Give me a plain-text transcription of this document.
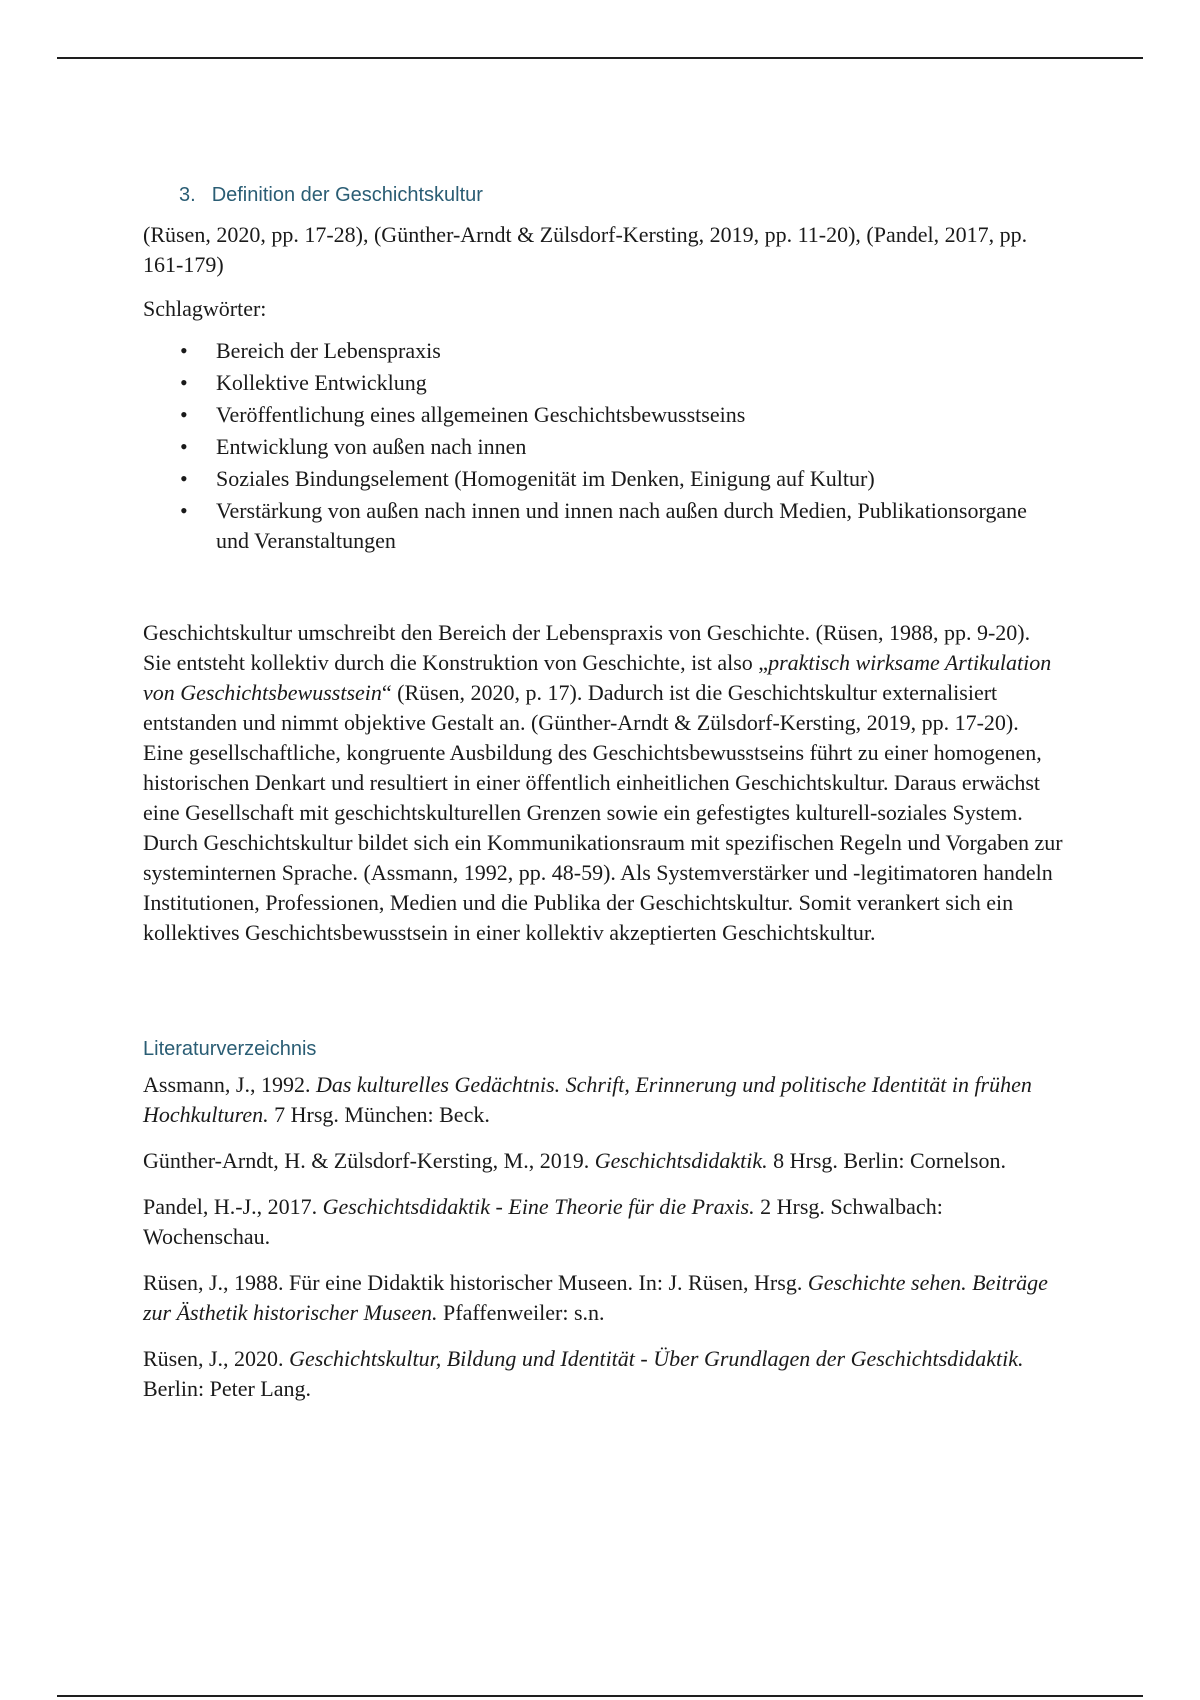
3. Definition der Geschichtskultur

(Rüsen, 2020, pp. 17-28), (Günther-Arndt & Zülsdorf-Kersting, 2019, pp. 11-20), (Pandel, 2017, pp. 161-179)

Schlagwörter:

• Bereich der Lebenspraxis
• Kollektive Entwicklung
• Veröffentlichung eines allgemeinen Geschichtsbewusstseins
• Entwicklung von außen nach innen
• Soziales Bindungselement (Homogenität im Denken, Einigung auf Kultur)
• Verstärkung von außen nach innen und innen nach außen durch Medien, Publikationsorgane und Veranstaltungen

Geschichtskultur umschreibt den Bereich der Lebenspraxis von Geschichte. (Rüsen, 1988, pp. 9-20). Sie entsteht kollektiv durch die Konstruktion von Geschichte, ist also „praktisch wirksame Artikulation von Geschichtsbewusstsein“ (Rüsen, 2020, p. 17). Dadurch ist die Geschichtskultur externalisiert entstanden und nimmt objektive Gestalt an. (Günther-Arndt & Zülsdorf-Kersting, 2019, pp. 17-20). Eine gesellschaftliche, kongruente Ausbildung des Geschichtsbewusstseins führt zu einer homogenen, historischen Denkart und resultiert in einer öffentlich einheitlichen Geschichtskultur. Daraus erwächst eine Gesellschaft mit geschichtskulturellen Grenzen sowie ein gefestigtes kulturell-soziales System. Durch Geschichtskultur bildet sich ein Kommunikationsraum mit spezifischen Regeln und Vorgaben zur systeminternen Sprache. (Assmann, 1992, pp. 48-59). Als Systemverstärker und -legitimatoren handeln Institutionen, Professionen, Medien und die Publika der Geschichtskultur. Somit verankert sich ein kollektives Geschichtsbewusstsein in einer kollektiv akzeptierten Geschichtskultur.

Literaturverzeichnis

Assmann, J., 1992. Das kulturelles Gedächtnis. Schrift, Erinnerung und politische Identität in frühen Hochkulturen. 7 Hrsg. München: Beck.

Günther-Arndt, H. & Zülsdorf-Kersting, M., 2019. Geschichtsdidaktik. 8 Hrsg. Berlin: Cornelson.

Pandel, H.-J., 2017. Geschichtsdidaktik - Eine Theorie für die Praxis. 2 Hrsg. Schwalbach: Wochenschau.

Rüsen, J., 1988. Für eine Didaktik historischer Museen. In: J. Rüsen, Hrsg. Geschichte sehen. Beiträge zur Ästhetik historischer Museen. Pfaffenweiler: s.n.

Rüsen, J., 2020. Geschichtskultur, Bildung und Identität - Über Grundlagen der Geschichtsdidaktik. Berlin: Peter Lang.
